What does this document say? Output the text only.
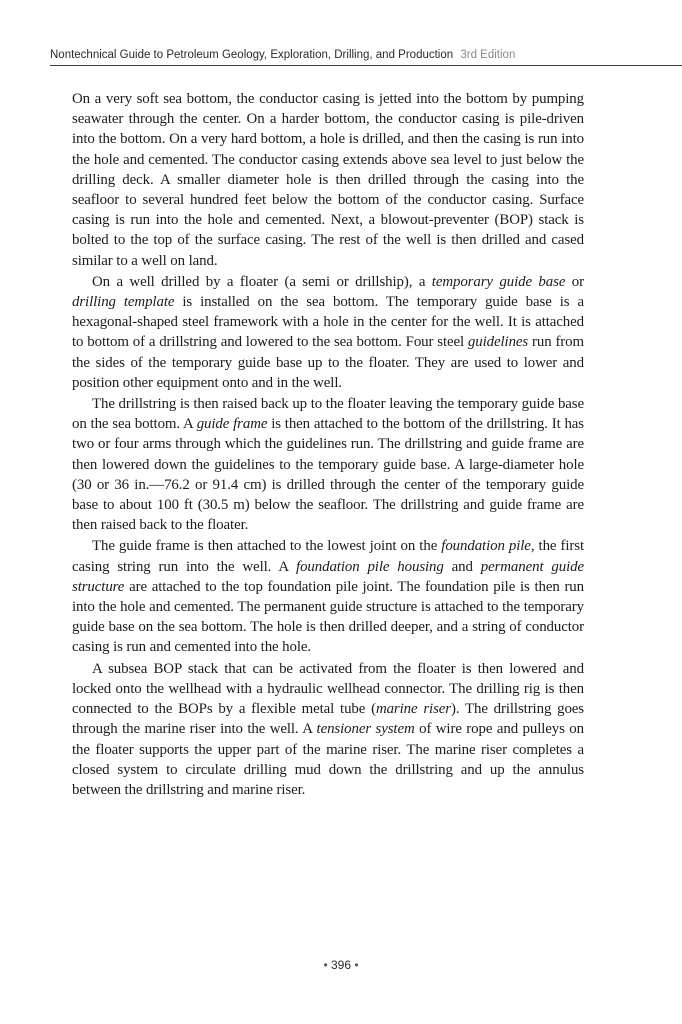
Nontechnical Guide to Petroleum Geology, Exploration, Drilling, and Production 3rd Edition

On a very soft sea bottom, the conductor casing is jetted into the bottom by pumping seawater through the center. On a harder bottom, the conductor casing is pile-driven into the bottom. On a very hard bottom, a hole is drilled, and then the casing is run into the hole and cemented. The conductor casing extends above sea level to just below the drilling deck. A smaller diameter hole is then drilled through the casing into the seafloor to several hundred feet below the bottom of the conductor casing. Surface casing is run into the hole and cemented. Next, a blowout-preventer (BOP) stack is bolted to the top of the surface casing. The rest of the well is then drilled and cased similar to a well on land.

On a well drilled by a floater (a semi or drillship), a temporary guide base or drilling template is installed on the sea bottom. The temporary guide base is a hexagonal-shaped steel framework with a hole in the center for the well. It is attached to bottom of a drillstring and lowered to the sea bottom. Four steel guidelines run from the sides of the temporary guide base up to the floater. They are used to lower and position other equipment onto and in the well.

The drillstring is then raised back up to the floater leaving the temporary guide base on the sea bottom. A guide frame is then attached to the bottom of the drillstring. It has two or four arms through which the guidelines run. The drillstring and guide frame are then lowered down the guidelines to the temporary guide base. A large-diameter hole (30 or 36 in.—76.2 or 91.4 cm) is drilled through the center of the temporary guide base to about 100 ft (30.5 m) below the seafloor. The drillstring and guide frame are then raised back to the floater.

The guide frame is then attached to the lowest joint on the foundation pile, the first casing string run into the well. A foundation pile housing and permanent guide structure are attached to the top foundation pile joint. The foundation pile is then run into the hole and cemented. The permanent guide structure is attached to the temporary guide base on the sea bottom. The hole is then drilled deeper, and a string of conductor casing is run and cemented into the hole.

A subsea BOP stack that can be activated from the floater is then lowered and locked onto the wellhead with a hydraulic wellhead connector. The drilling rig is then connected to the BOPs by a flexible metal tube (marine riser). The drillstring goes through the marine riser into the well. A tensioner system of wire rope and pulleys on the floater supports the upper part of the marine riser. The marine riser completes a closed system to circulate drilling mud down the drillstring and up the annulus between the drillstring and marine riser.

• 396 •
